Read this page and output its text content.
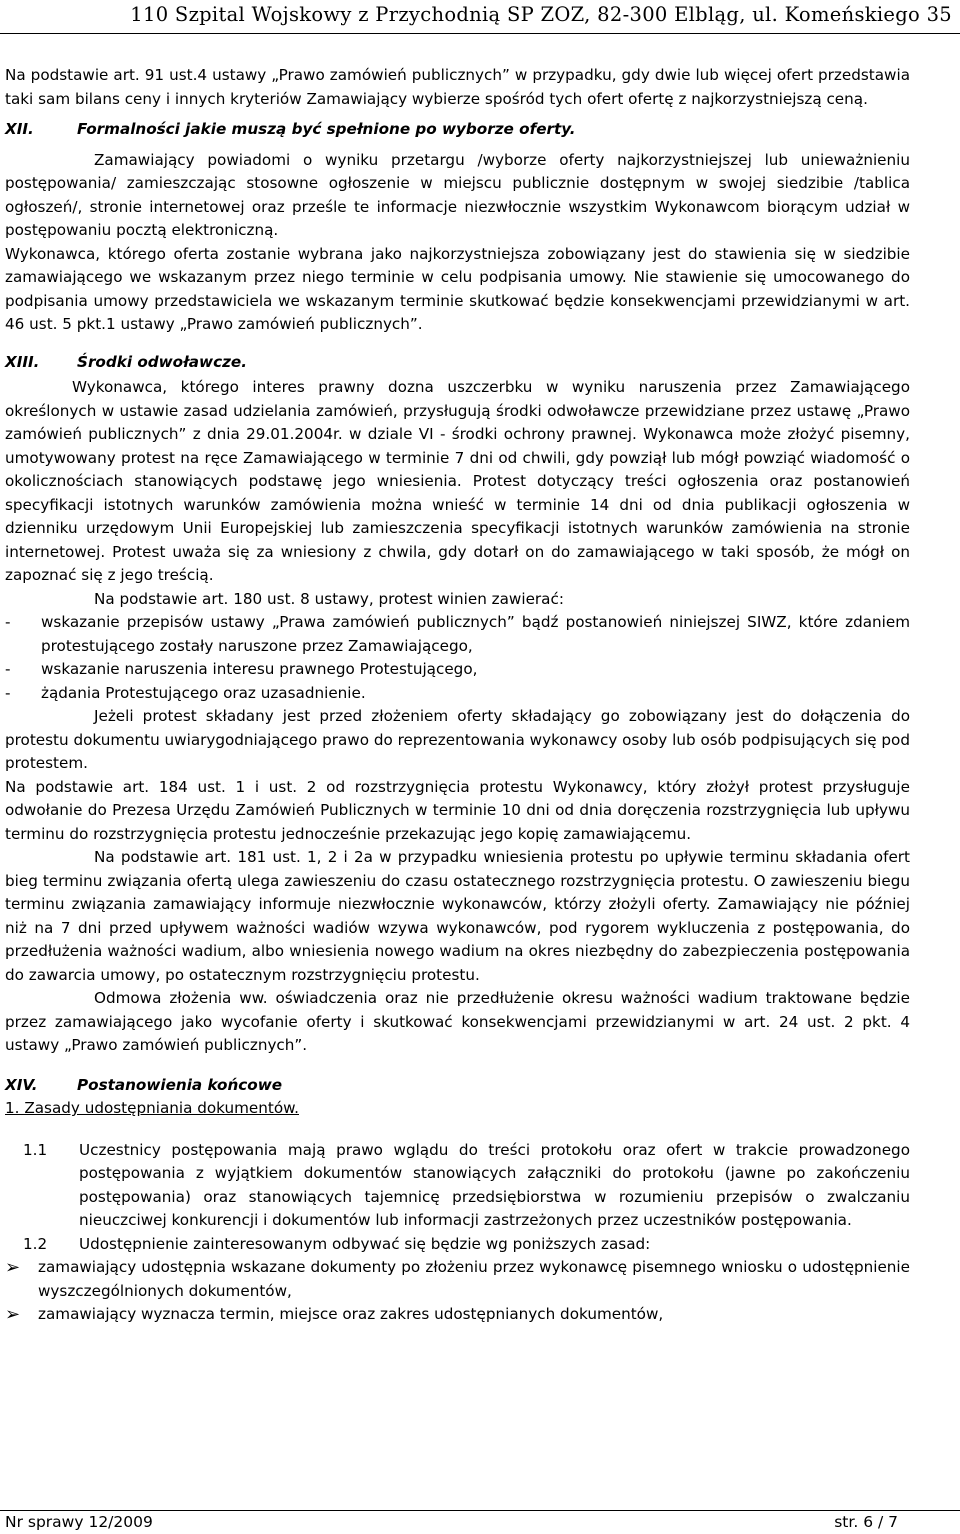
110 Szpital Wojskowy z Przychodnią SP ZOZ, 82-300 Elbląg, ul. Komeńskiego 35

Na podstawie art. 91 ust.4 ustawy „Prawo zamówień publicznych” w przypadku, gdy dwie lub więcej ofert przedstawia taki sam bilans ceny i innych kryteriów Zamawiający wybierze spośród tych ofert ofertę z najkorzystniejszą ceną.

XII.	Formalności jakie muszą być spełnione po wyborze oferty.

Zamawiający powiadomi o wyniku przetargu /wyborze oferty najkorzystniejszej lub unieważnieniu postępowania/ zamieszczając stosowne ogłoszenie w miejscu publicznie dostępnym w swojej siedzibie /tablica ogłoszeń/, stronie internetowej oraz prześle te informacje niezwłocznie wszystkim Wykonawcom biorącym udział w postępowaniu pocztą elektroniczną.

Wykonawca, którego oferta zostanie wybrana jako najkorzystniejsza zobowiązany jest do stawienia się w siedzibie zamawiającego we wskazanym przez niego terminie w celu podpisania umowy. Nie stawienie się umocowanego do podpisania umowy przedstawiciela we wskazanym terminie skutkować będzie konsekwencjami przewidzianymi w art. 46 ust. 5 pkt.1 ustawy „Prawo zamówień publicznych”.

XIII. Środki odwoławcze.

Wykonawca, którego interes prawny dozna uszczerbku w wyniku naruszenia przez Zamawiającego określonych w ustawie zasad udzielania zamówień, przysługują środki odwoławcze przewidziane przez ustawę „Prawo zamówień publicznych” z dnia 29.01.2004r. w dziale VI - środki ochrony prawnej. Wykonawca może złożyć pisemny, umotywowany protest na ręce Zamawiającego w terminie 7 dni od chwili, gdy powziął lub mógł powziąć wiadomość o okolicznościach stanowiących podstawę jego wniesienia. Protest dotyczący treści ogłoszenia oraz postanowień specyfikacji istotnych warunków zamówienia można wnieść w terminie 14 dni od dnia publikacji ogłoszenia w dzienniku urzędowym Unii Europejskiej lub zamieszczenia specyfikacji istotnych warunków zamówienia na stronie internetowej. Protest uważa się za wniesiony z chwila, gdy dotarł on do zamawiającego w taki sposób, że mógł on zapoznać się z jego treścią.

Na podstawie art. 180 ust. 8 ustawy, protest winien zawierać:

- wskazanie przepisów ustawy „Prawa zamówień publicznych” bądź postanowień niniejszej SIWZ, które zdaniem protestującego zostały naruszone przez Zamawiającego,
- wskazanie naruszenia interesu prawnego Protestującego,
- żądania Protestującego oraz uzasadnienie.

Jeżeli protest składany jest przed złożeniem oferty składający go zobowiązany jest do dołączenia do protestu dokumentu uwiarygodniającego prawo do reprezentowania wykonawcy osoby lub osób podpisujących się pod protestem.

Na podstawie art. 184 ust. 1 i ust. 2 od rozstrzygnięcia protestu Wykonawcy, który złożył protest przysługuje odwołanie do Prezesa Urzędu Zamówień Publicznych w terminie 10 dni od dnia doręczenia rozstrzygnięcia lub upływu terminu do rozstrzygnięcia protestu jednocześnie przekazując jego kopię zamawiającemu.

Na podstawie art. 181 ust. 1, 2 i 2a w przypadku wniesienia protestu po upływie terminu składania ofert bieg terminu związania ofertą ulega zawieszeniu do czasu ostatecznego rozstrzygnięcia protestu. O zawieszeniu biegu terminu związania zamawiający informuje niezwłocznie wykonawców, którzy złożyli oferty. Zamawiający nie później niż na 7 dni przed upływem ważności wadiów wzywa wykonawców, pod rygorem wykluczenia z postępowania, do przedłużenia ważności wadium, albo wniesienia nowego wadium na okres niezbędny do zabezpieczenia postępowania do zawarcia umowy, po ostatecznym rozstrzygnięciu protestu.

Odmowa złożenia ww. oświadczenia oraz nie przedłużenie okresu ważności wadium traktowane będzie przez zamawiającego jako wycofanie oferty i skutkować konsekwencjami przewidzianymi w art. 24 ust. 2 pkt. 4 ustawy „Prawo zamówień publicznych”.

XIV.	Postanowienia końcowe
1. Zasady udostępniania dokumentów.
1.1 Uczestnicy postępowania mają prawo wglądu do treści protokołu oraz ofert w trakcie prowadzonego postępowania z wyjątkiem dokumentów stanowiących załączniki do protokołu (jawne po zakończeniu postępowania) oraz stanowiących tajemnicę przedsiębiorstwa w rozumieniu przepisów o zwalczaniu nieuczciwej konkurencji i dokumentów lub informacji zastrzeżonych przez uczestników postępowania.
1.2 Udostępnienie zainteresowanym odbywać się będzie wg poniższych zasad:
➢ zamawiający udostępnia wskazane dokumenty po złożeniu przez wykonawcę pisemnego wniosku o udostępnienie wyszczególnionych dokumentów,
➢ zamawiający wyznacza termin, miejsce oraz zakres udostępnianych dokumentów,
Nr sprawy 12/2009	str. 6 / 7
